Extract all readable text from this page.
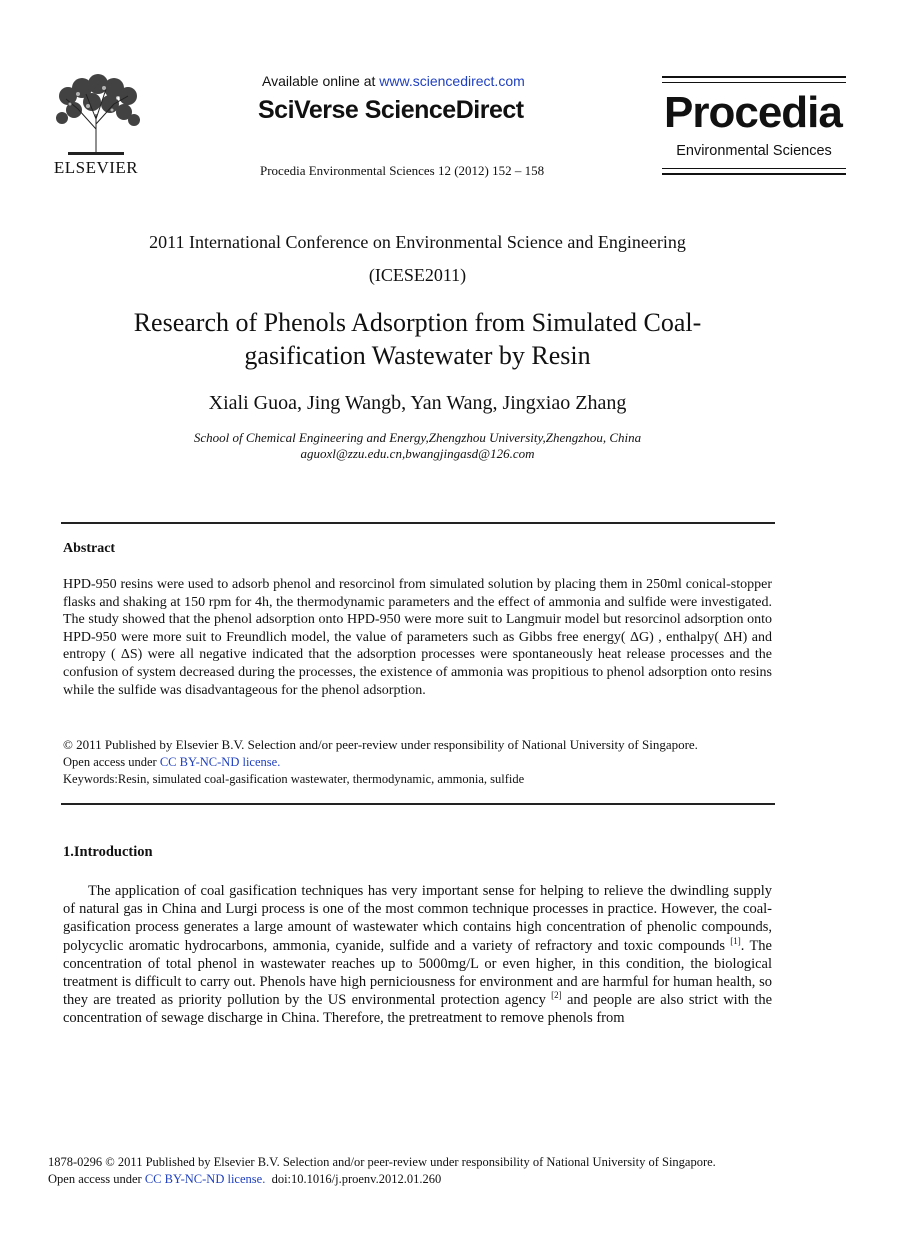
ELSEVIER
Available online at www.sciencedirect.com
SciVerse ScienceDirect
Procedia Environmental Sciences 12 (2012) 152 – 158
Procedia
Environmental Sciences
2011 International Conference on Environmental Science and Engineering
(ICESE2011)
Research of Phenols Adsorption from Simulated Coal-
gasification Wastewater by Resin
Xiali Guoa, Jing Wangb, Yan Wang, Jingxiao Zhang
School of Chemical Engineering and Energy,Zhengzhou University,Zhengzhou, China
aguoxl@zzu.edu.cn,bwangjingasd@126.com
Abstract
HPD-950 resins were used to adsorb phenol and resorcinol from simulated solution by placing them in 250ml conical-stopper flasks and shaking at 150 rpm for 4h, the thermodynamic parameters and the effect of ammonia and sulfide were investigated. The study showed that the phenol adsorption onto HPD-950 were more suit to Langmuir model but resorcinol adsorption onto HPD-950 were more suit to Freundlich model, the value of parameters such as Gibbs free energy( ΔG) , enthalpy( ΔH) and entropy ( ΔS) were all negative indicated that the adsorption processes were spontaneously heat release processes and the confusion of system decreased during the processes, the existence of ammonia was propitious to phenol adsorption onto resins while the sulfide was disadvantageous for the phenol adsorption.
© 2011 Published by Elsevier B.V. Selection and/or peer-review under responsibility of National University of Singapore.
Open access under CC BY-NC-ND license.
Keywords:Resin, simulated coal-gasification wastewater, thermodynamic, ammonia, sulfide
1.Introduction
The application of coal gasification techniques has very important sense for helping to relieve the dwindling supply of natural gas in China and Lurgi process is one of the most common technique processes in practice. However, the coal-gasification process generates a large amount of wastewater which contains high concentration of phenolic compounds, polycyclic aromatic hydrocarbons, ammonia, cyanide, sulfide and a variety of refractory and toxic compounds [1]. The concentration of total phenol in wastewater reaches up to 5000mg/L or even higher, in this condition, the biological treatment is difficult to carry out. Phenols have high perniciousness for environment and are harmful for human health, so they are treated as priority pollution by the US environmental protection agency [2] and people are also strict with the concentration of sewage discharge in China. Therefore, the pretreatment to remove phenols from
1878-0296 © 2011 Published by Elsevier B.V. Selection and/or peer-review under responsibility of National University of Singapore.
Open access under CC BY-NC-ND license. doi:10.1016/j.proenv.2012.01.260
